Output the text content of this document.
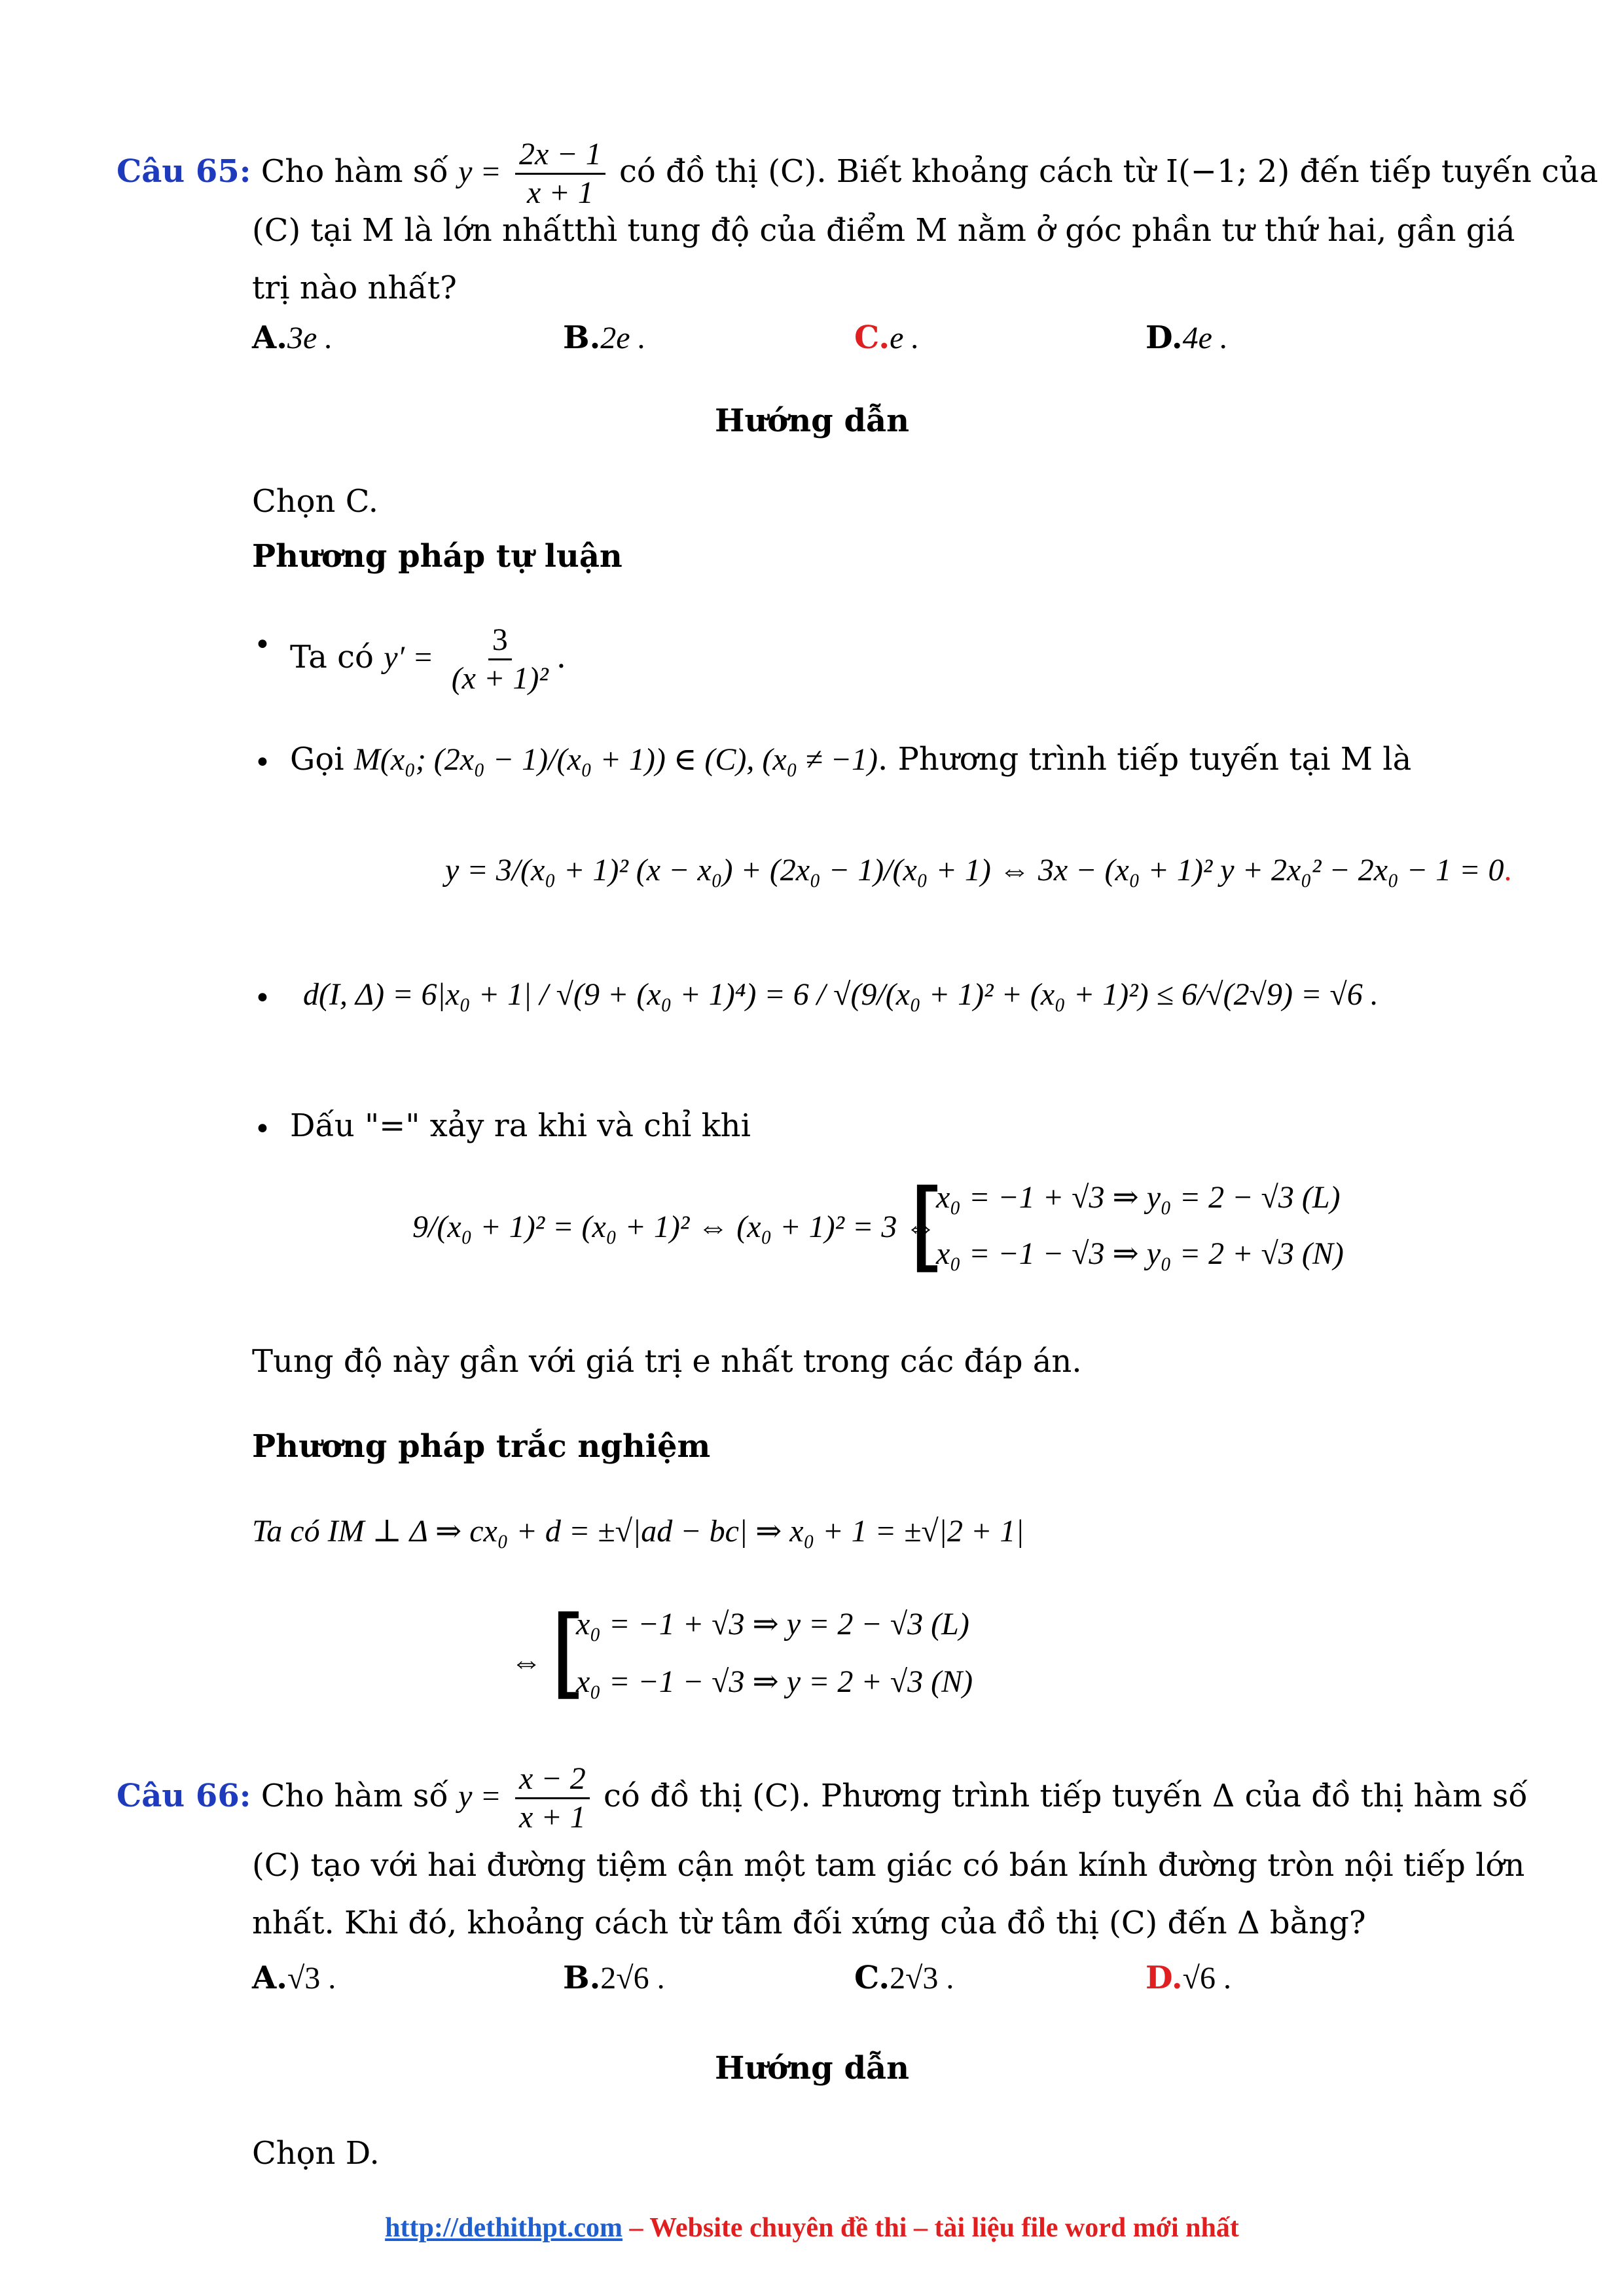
Câu 65: Cho hàm số $y = \frac{2x - 1}{x + 1}$ có đồ thị (C). Biết khoảng cách từ I(−1; 2) đến tiếp tuyến của
(C) tại M là lớn nhấtthì tung độ của điểm M nằm ở góc phần tư thứ hai, gần giá
trị nào nhất?
A.3e .	B.2e .	C.e .	D.4e .
Hướng dẫn
Chọn C.
Phương pháp tự luận
• Ta có $y' = \frac{3}{\text{(x + 1)²}}$ .
• Gọi M(x₀; (2x₀ − 1)/(x₀ + 1)) ∈ (C), (x₀ ≠ −1). Phương trình tiếp tuyến tại M là
y = 3/(x₀ + 1)² (x − x₀) + (2x₀ − 1)/(x₀ + 1) ⇔ 3x − (x₀ + 1)² y + 2x₀² − 2x₀ − 1 = 0.
• d(I, Δ) = 6|x₀ + 1| / √(9 + (x₀ + 1)⁴) = 6 / √(9/(x₀ + 1)² + (x₀ + 1)²) ≤ 6/√(2√9) = √6 .
• Dấu "=" xảy ra khi và chỉ khi
9/(x₀ + 1)² = (x₀ + 1)² ⇔ (x₀ + 1)² = 3 ⇔
[
x₀ = −1 + √3 ⇒ y₀ = 2 − √3 (L)
x₀ = −1 − √3 ⇒ y₀ = 2 + √3 (N)
Tung độ này gần với giá trị e nhất trong các đáp án.
Phương pháp trắc nghiệm
Ta có IM ⊥ Δ ⇒ cx₀ + d = ±√|ad − bc| ⇒ x₀ + 1 = ±√|2 + 1|
⇔ [
x₀ = −1 + √3 ⇒ y = 2 − √3 (L)
x₀ = −1 − √3 ⇒ y = 2 + √3 (N)
Câu 66: Cho hàm số $y = \frac{x - 2}{x + 1}$ có đồ thị (C). Phương trình tiếp tuyến Δ của đồ thị hàm số
(C) tạo với hai đường tiệm cận một tam giác có bán kính đường tròn nội tiếp lớn
nhất. Khi đó, khoảng cách từ tâm đối xứng của đồ thị (C) đến Δ bằng?
A.√3 .	B.2√6 .	C.2√3 .	D.√6 .
Hướng dẫn
Chọn D.
http://dethithpt.com – Website chuyên đề thi – tài liệu file word mới nhất
